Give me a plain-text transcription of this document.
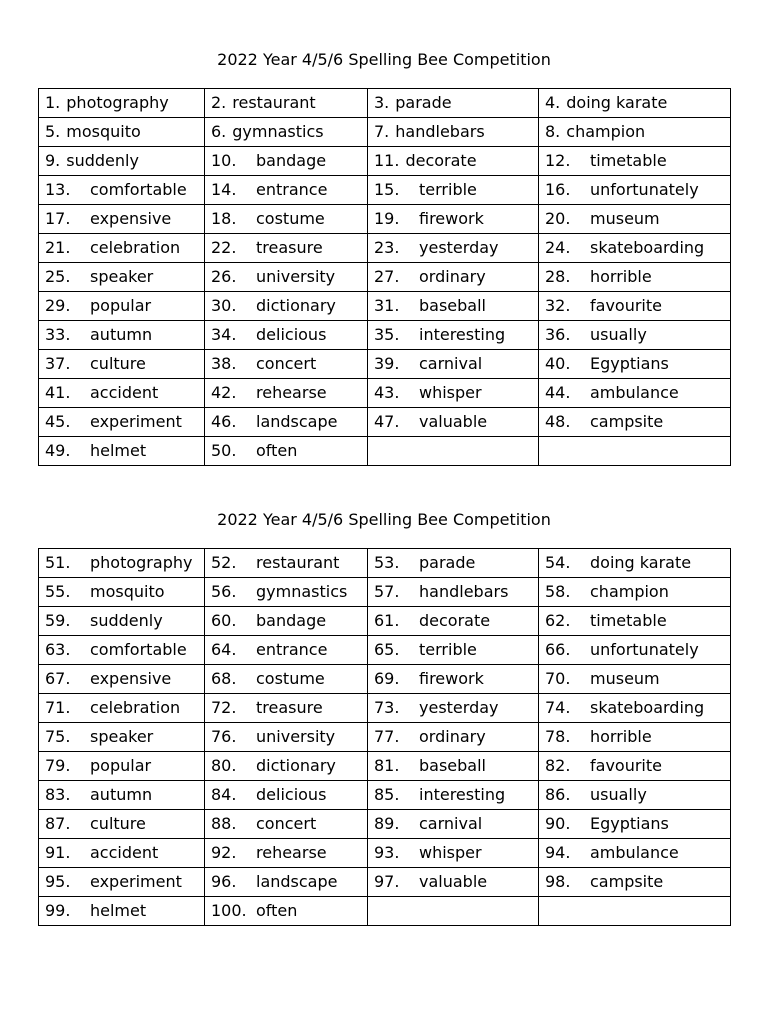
2022 Year 4/5/6 Spelling Bee Competition
1. photography	2. restaurant	3. parade	4. doing karate
5. mosquito	6. gymnastics	7. handlebars	8. champion
9. suddenly	10. bandage	11. decorate	12. timetable
13. comfortable	14. entrance	15. terrible	16. unfortunately
17. expensive	18. costume	19. firework	20. museum
21. celebration	22. treasure	23. yesterday	24. skateboarding
25. speaker	26. university	27. ordinary	28. horrible
29. popular	30. dictionary	31. baseball	32. favourite
33. autumn	34. delicious	35. interesting	36. usually
37. culture	38. concert	39. carnival	40. Egyptians
41. accident	42. rehearse	43. whisper	44. ambulance
45. experiment	46. landscape	47. valuable	48. campsite
49. helmet	50. often		
2022 Year 4/5/6 Spelling Bee Competition
51. photography	52. restaurant	53. parade	54. doing karate
55. mosquito	56. gymnastics	57. handlebars	58. champion
59. suddenly	60. bandage	61. decorate	62. timetable
63. comfortable	64. entrance	65. terrible	66. unfortunately
67. expensive	68. costume	69. firework	70. museum
71. celebration	72. treasure	73. yesterday	74. skateboarding
75. speaker	76. university	77. ordinary	78. horrible
79. popular	80. dictionary	81. baseball	82. favourite
83. autumn	84. delicious	85. interesting	86. usually
87. culture	88. concert	89. carnival	90. Egyptians
91. accident	92. rehearse	93. whisper	94. ambulance
95. experiment	96. landscape	97. valuable	98. campsite
99. helmet	100. often		
